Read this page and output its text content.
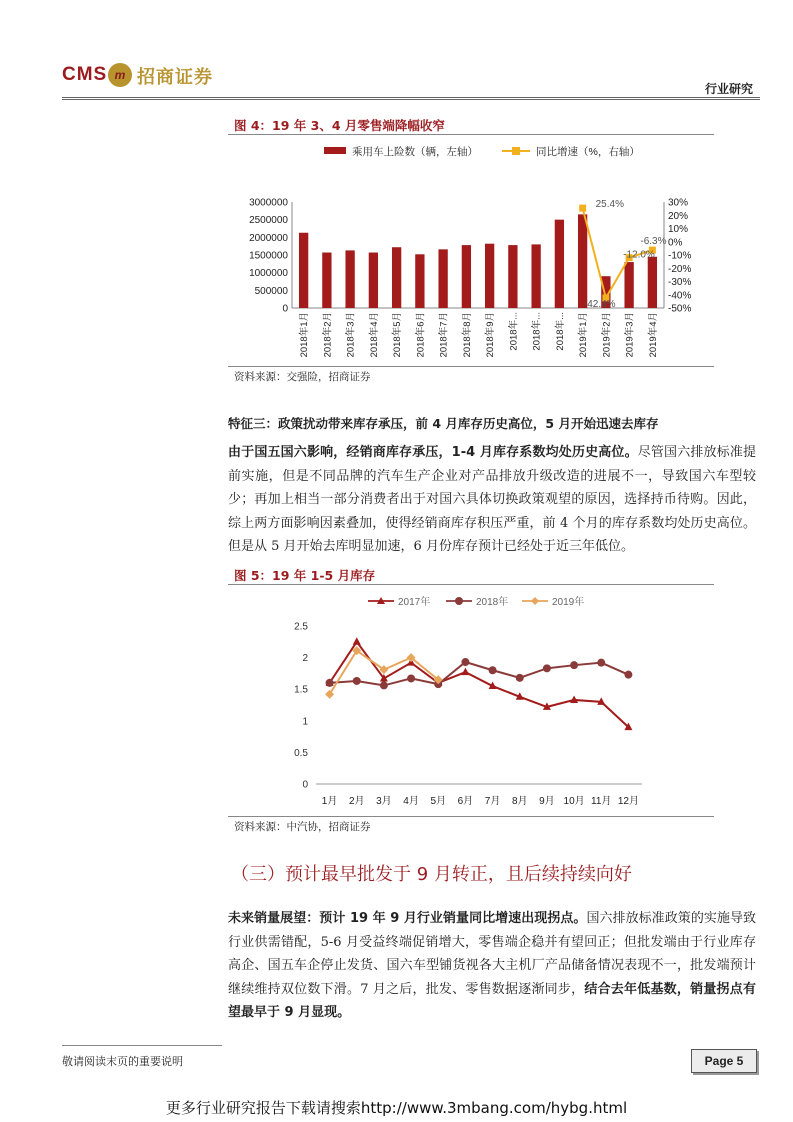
CMS m 招商证券
行业研究
图 4：19 年 3、4 月零售端降幅收窄
乘用车上险数（辆，左轴）	同比增速（%，右轴）
0
500000
1000000
1500000
2000000
2500000
3000000
-50%
-40%
-30%
-20%
-10%
0%
10%
20%
30%
2018年1月 2018年2月 2018年3月 2018年4月 2018年5月 2018年6月 2018年7月 2018年8月 2018年9月 2018年... 2018年... 2018年... 2019年1月 2019年2月 2019年3月 2019年4月
25.4%
-42.4%
-12.0%
-6.3%
资料来源：交强险，招商证券
特征三：政策扰动带来库存承压，前 4 月库存历史高位，5 月开始迅速去库存
由于国五国六影响，经销商库存承压，1-4 月库存系数均处历史高位。尽管国六排放标准提前实施，但是不同品牌的汽车生产企业对产品排放升级改造的进展不一，导致国六车型较少；再加上相当一部分消费者出于对国六具体切换政策观望的原因，选择持币待购。因此，综上两方面影响因素叠加，使得经销商库存积压严重，前 4 个月的库存系数均处历史高位。但是从 5 月开始去库明显加速，6 月份库存预计已经处于近三年低位。
图 5：19 年 1-5 月库存
2017年	2018年	2019年
0
0.5
1
1.5
2
2.5
1月 2月 3月 4月 5月 6月 7月 8月 9月 10月 11月 12月
资料来源：中汽协，招商证券
（三）预计最早批发于 9 月转正，且后续持续向好
未来销量展望：预计 19 年 9 月行业销量同比增速出现拐点。国六排放标准政策的实施导致行业供需错配，5-6 月受益终端促销增大，零售端企稳并有望回正；但批发端由于行业库存高企、国五车企停止发货、国六车型铺货视各大主机厂产品储备情况表现不一，批发端预计继续维持双位数下滑。7 月之后，批发、零售数据逐渐同步，结合去年低基数，销量拐点有望最早于 9 月显现。
敬请阅读末页的重要说明	Page 5
更多行业研究报告下载请搜索http://www.3mbang.com/hybg.html
